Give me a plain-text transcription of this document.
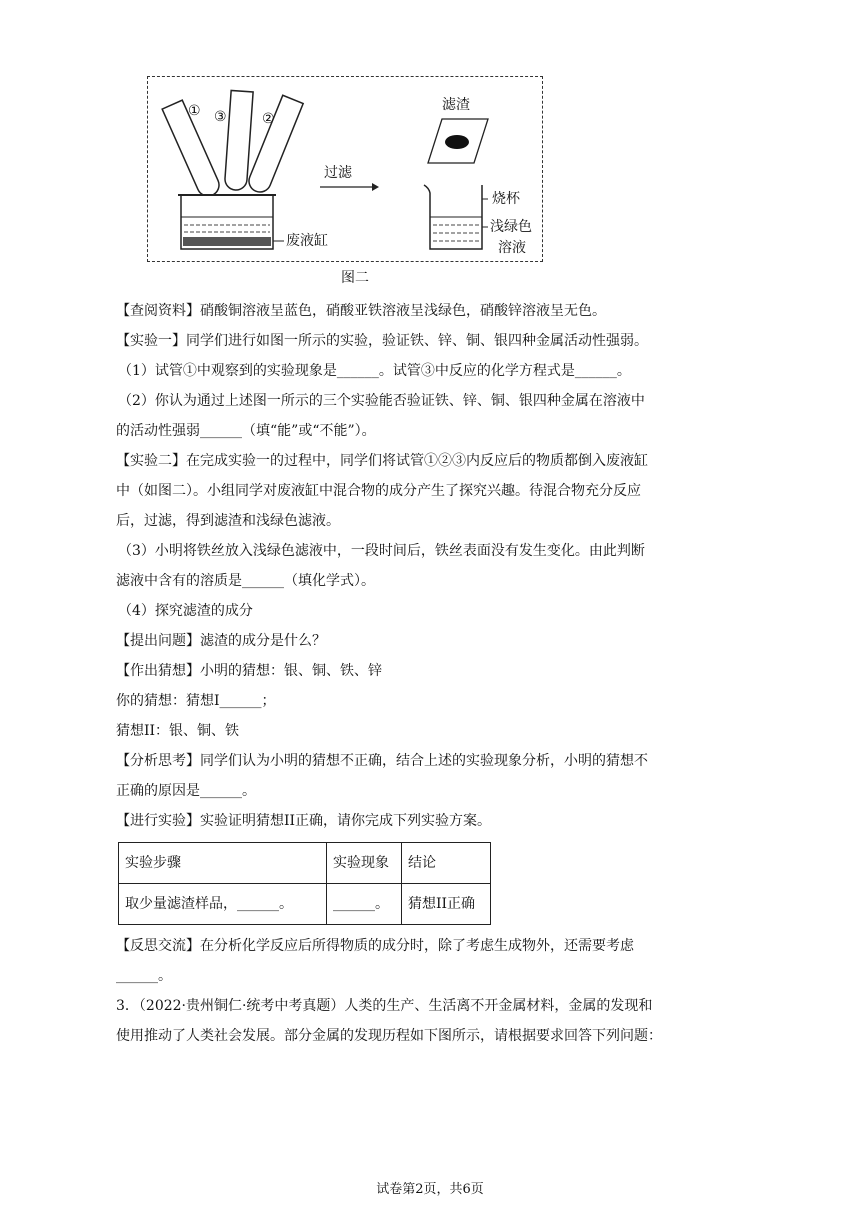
① ③	②
过滤
滤渣
烧杯
浅绿色
溶液
废液缸
图二

【查阅资料】硝酸铜溶液呈蓝色，硝酸亚铁溶液呈浅绿色，硝酸锌溶液呈无色。

【实验一】同学们进行如图一所示的实验，验证铁、锌、铜、银四种金属活动性强弱。

（1）试管①中观察到的实验现象是______。试管③中反应的化学方程式是______。

（2）你认为通过上述图一所示的三个实验能否验证铁、锌、铜、银四种金属在溶液中

的活动性强弱______（填“能”或“不能”）。

【实验二】在完成实验一的过程中，同学们将试管①②③内反应后的物质都倒入废液缸

中（如图二）。小组同学对废液缸中混合物的成分产生了探究兴趣。待混合物充分反应

后，过滤，得到滤渣和浅绿色滤液。

（3）小明将铁丝放入浅绿色滤液中，一段时间后，铁丝表面没有发生变化。由此判断

滤液中含有的溶质是______（填化学式）。

（4）探究滤渣的成分

【提出问题】滤渣的成分是什么？

【作出猜想】小明的猜想：银、铜、铁、锌

你的猜想：猜想I______；

猜想II：银、铜、铁

【分析思考】同学们认为小明的猜想不正确，结合上述的实验现象分析，小明的猜想不

正确的原因是______。

【进行实验】实验证明猜想II正确，请你完成下列实验方案。

实验步骤	实验现象	结论
取少量滤渣样品，______。	______。	猜想II正确

【反思交流】在分析化学反应后所得物质的成分时，除了考虑生成物外，还需要考虑

______。

3．（2022·贵州铜仁·统考中考真题）人类的生产、生活离不开金属材料，金属的发现和

使用推动了人类社会发展。部分金属的发现历程如下图所示，请根据要求回答下列问题：

试卷第2页，共6页
